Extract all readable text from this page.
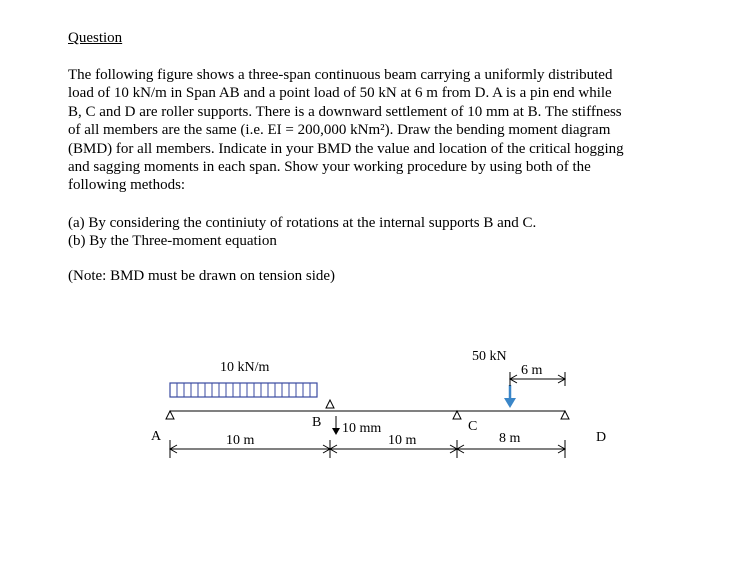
Question
The following figure shows a three-span continuous beam carrying a uniformly distributed
load of 10 kN/m in Span AB and a point load of 50 kN at 6 m from D. A is a pin end while
B, C and D are roller supports. There is a downward settlement of 10 mm at B. The stiffness
of all members are the same (i.e. EI = 200,000 kNm²). Draw the bending moment diagram
(BMD) for all members. Indicate in your BMD the value and location of the critical hogging
and sagging moments in each span. Show your working procedure by using both of the
following methods:
(a) By considering the continiuty of rotations at the internal supports B and C.
(b) By the Three-moment equation
(Note: BMD must be drawn on tension side)
10 kN/m
A
B	C
D
10 mm
50 kN
6 m
10 m	10 m	8 m
